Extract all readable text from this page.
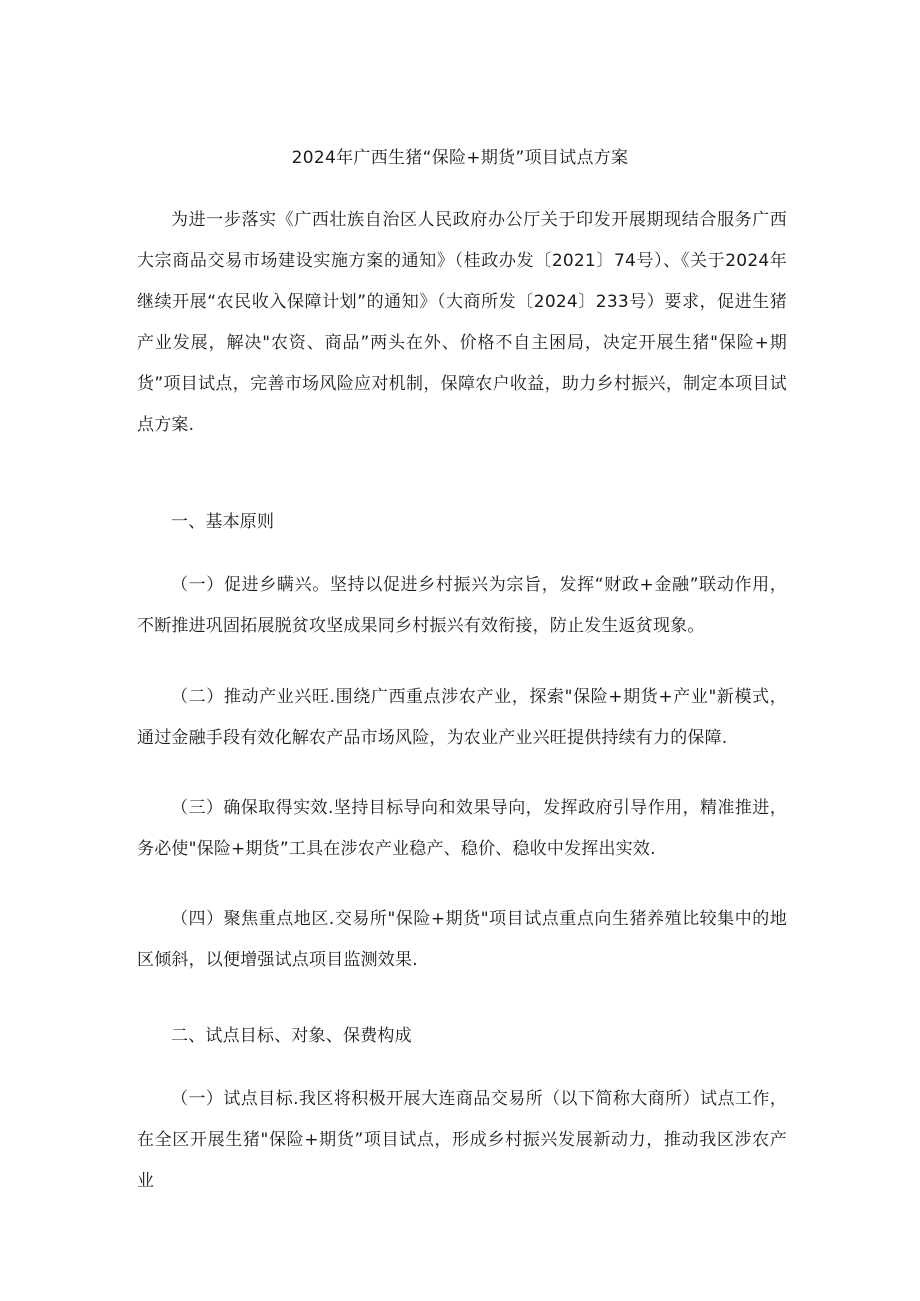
2024年广西生猪“保险+期货”项目试点方案

为进一步落实《广西壮族自治区人民政府办公厅关于印发开展期现结合服务广西大宗商品交易市场建设实施方案的通知》（桂政办发〔2021〕74号）、《关于2024年继续开展“农民收入保障计划”的通知》（大商所发〔2024〕233号）要求，促进生猪产业发展，解决"农资、商品”两头在外、价格不自主困局，决定开展生猪"保险+期货”项目试点，完善市场风险应对机制，保障农户收益，助力乡村振兴，制定本项目试点方案.

一、基本原则

（一）促进乡瞒兴。坚持以促进乡村振兴为宗旨，发挥“财政+金融”联动作用，不断推进巩固拓展脱贫攻坚成果同乡村振兴有效衔接，防止发生返贫现象。

（二）推动产业兴旺.围绕广西重点涉农产业，探索"保险+期货+产业"新模式，通过金融手段有效化解农产品市场风险，为农业产业兴旺提供持续有力的保障.

（三）确保取得实效.坚持目标导向和效果导向，发挥政府引导作用，精准推进，务必使"保险+期货”工具在涉农产业稳产、稳价、稳收中发挥出实效.

（四）聚焦重点地区.交易所"保险+期货"项目试点重点向生猪养殖比较集中的地区倾斜，以便增强试点项目监测效果.

二、试点目标、对象、保费构成

（一）试点目标.我区将积极开展大连商品交易所（以下简称大商所）试点工作，在全区开展生猪"保险+期货”项目试点，形成乡村振兴发展新动力，推动我区涉农产业
